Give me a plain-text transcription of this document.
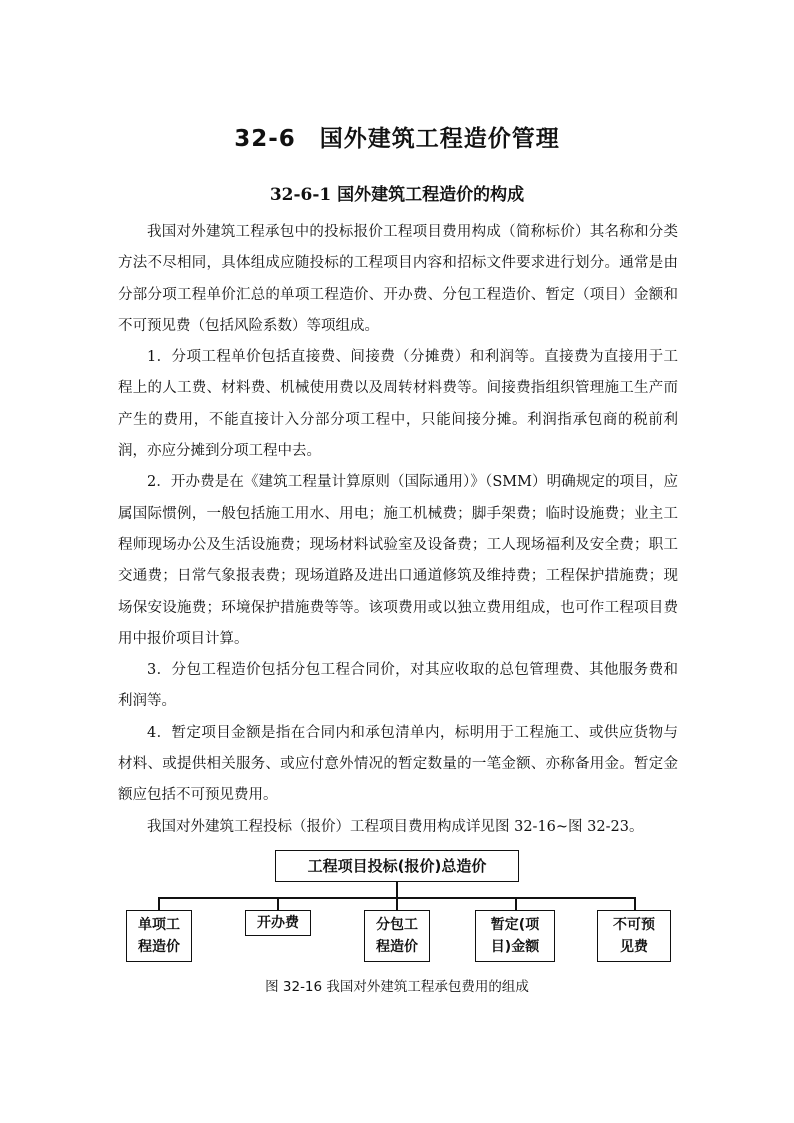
32-6　国外建筑工程造价管理
32-6-1 国外建筑工程造价的构成

我国对外建筑工程承包中的投标报价工程项目费用构成（简称标价）其名称和分类方法不尽相同，具体组成应随投标的工程项目内容和招标文件要求进行划分。通常是由分部分项工程单价汇总的单项工程造价、开办费、分包工程造价、暂定（项目）金额和不可预见费（包括风险系数）等项组成。

1．分项工程单价包括直接费、间接费（分摊费）和利润等。直接费为直接用于工程上的人工费、材料费、机械使用费以及周转材料费等。间接费指组织管理施工生产而产生的费用，不能直接计入分部分项工程中，只能间接分摊。利润指承包商的税前利润，亦应分摊到分项工程中去。

2．开办费是在《建筑工程量计算原则（国际通用）》（SMM）明确规定的项目，应属国际惯例，一般包括施工用水、用电；施工机械费；脚手架费；临时设施费；业主工程师现场办公及生活设施费；现场材料试验室及设备费；工人现场福利及安全费；职工交通费；日常气象报表费；现场道路及进出口通道修筑及维持费；工程保护措施费；现场保安设施费；环境保护措施费等等。该项费用或以独立费用组成，也可作工程项目费用中报价项目计算。

3．分包工程造价包括分包工程合同价，对其应收取的总包管理费、其他服务费和利润等。

4．暂定项目金额是指在合同内和承包清单内，标明用于工程施工、或供应货物与材料、或提供相关服务、或应付意外情况的暂定数量的一笔金额、亦称备用金。暂定金额应包括不可预见费用。

我国对外建筑工程投标（报价）工程项目费用构成详见图 32-16~图 32-23。

工程项目投标(报价)总造价
单项工
程造价
开办费	分包工
程造价
暂定(项
目)金额
不可预
见费
图 32-16 我国对外建筑工程承包费用的组成
